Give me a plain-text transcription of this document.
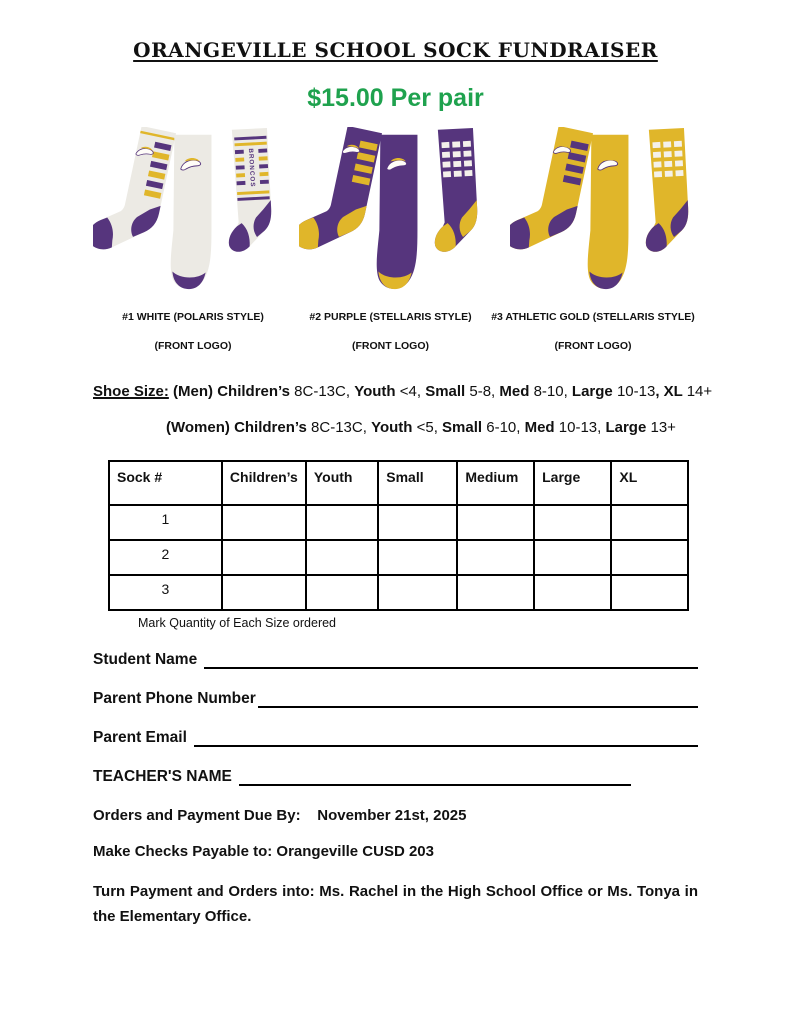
ORANGEVILLE SCHOOL SOCK FUNDRAISER
$15.00 Per pair
BRONCOS
#1 WHITE (POLARIS STYLE)
(FRONT LOGO)
#2 PURPLE (STELLARIS STYLE)
(FRONT LOGO)
#3 ATHLETIC GOLD (STELLARIS STYLE)
(FRONT LOGO)
Shoe Size: (Men) Children’s 8C-13C, Youth <4, Small 5-8, Med 8-10, Large 10-13, XL 14+
(Women) Children’s 8C-13C, Youth <5, Small 6-10, Med 10-13, Large 13+
Sock #	Children’s	Youth	Small	Medium	Large	XL
1						
2						
3						
Mark Quantity of Each Size ordered
Student Name
Parent Phone Number
Parent Email
TEACHER'S NAME

Orders and Payment Due By:    November 21st, 2025

Make Checks Payable to: Orangeville CUSD 203

Turn Payment and Orders into: Ms. Rachel in the High School Office or Ms. Tonya in the Elementary Office.
